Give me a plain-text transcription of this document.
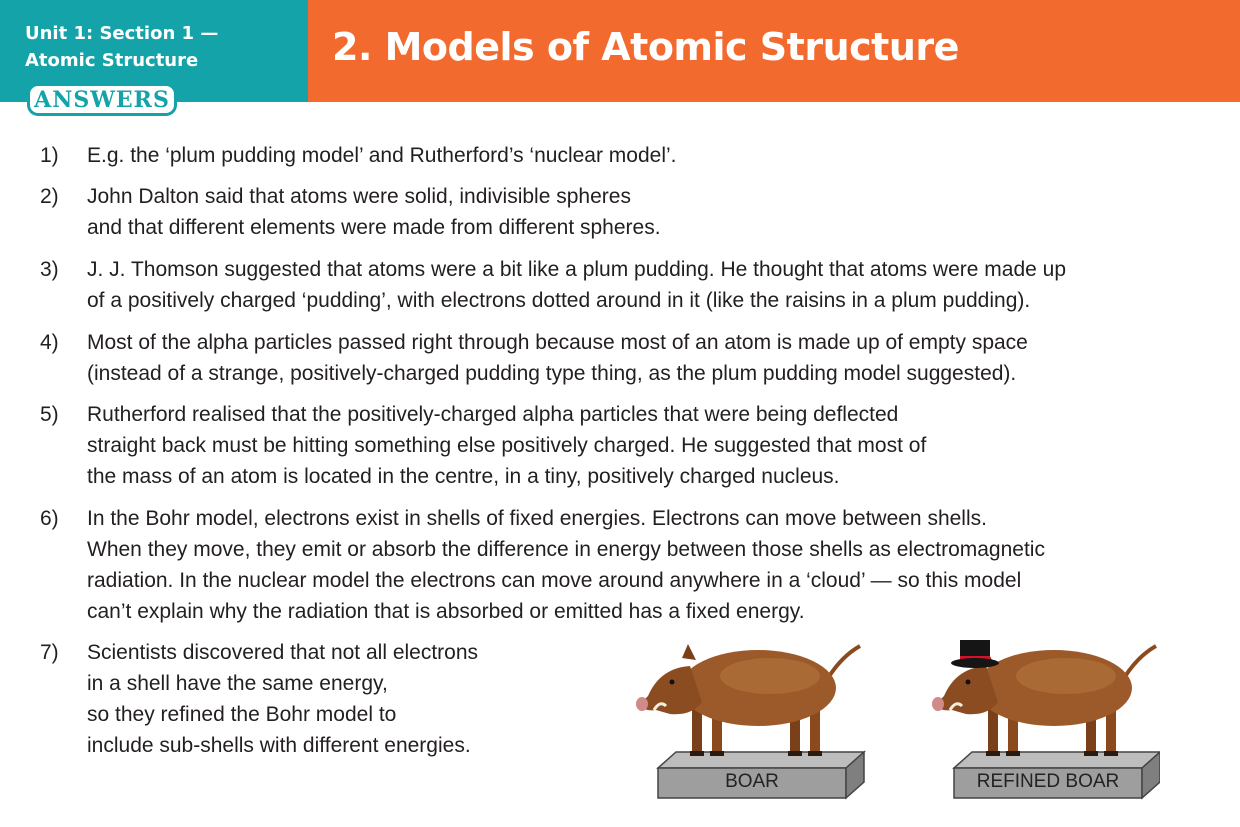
Unit 1: Section 1 —
Atomic Structure	2. Models of Atomic Structure
ANSWERS
1) E.g. the ‘plum pudding model’ and Rutherford’s ‘nuclear model’.
2) John Dalton said that atoms were solid, indivisible spheres
and that different elements were made from different spheres.
3) J. J. Thomson suggested that atoms were a bit like a plum pudding. He thought that atoms were made up
of a positively charged ‘pudding’, with electrons dotted around in it (like the raisins in a plum pudding).
4) Most of the alpha particles passed right through because most of an atom is made up of empty space
(instead of a strange, positively-charged pudding type thing, as the plum pudding model suggested).
5) Rutherford realised that the positively-charged alpha particles that were being deflected
straight back must be hitting something else positively charged. He suggested that most of
the mass of an atom is located in the centre, in a tiny, positively charged nucleus.
6) In the Bohr model, electrons exist in shells of fixed energies. Electrons can move between shells.
When they move, they emit or absorb the difference in energy between those shells as electromagnetic
radiation. In the nuclear model the electrons can move around anywhere in a ‘cloud’ — so this model
can’t explain why the radiation that is absorbed or emitted has a fixed energy.
7) Scientists discovered that not all electrons
in a shell have the same energy,
so they refined the Bohr model to
include sub-shells with different energies.
BOAR	REFINED BOAR
